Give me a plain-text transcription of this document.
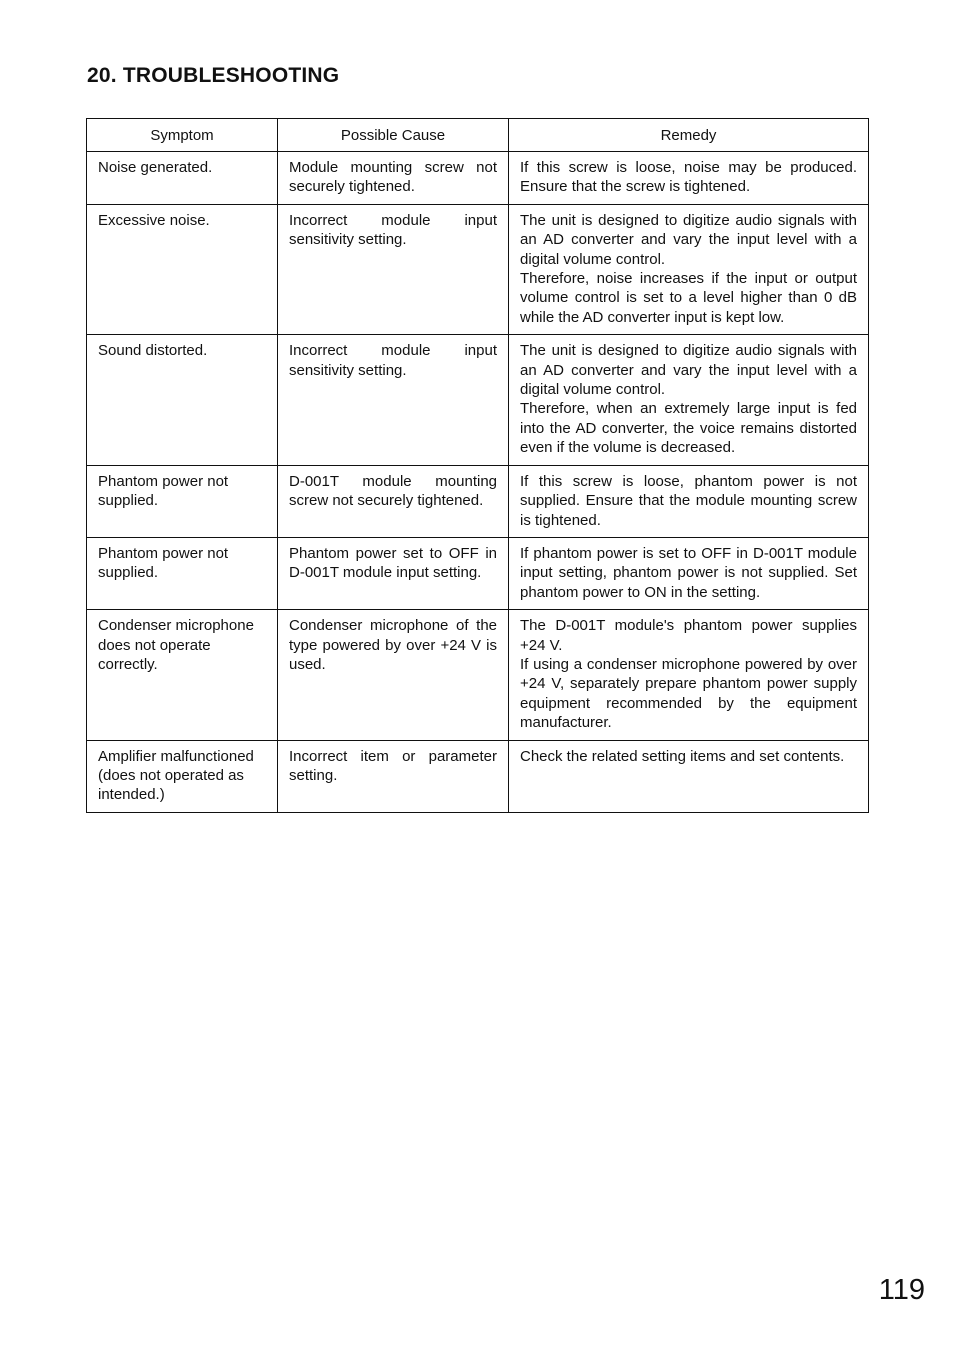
20. TROUBLESHOOTING
Symptom	Possible Cause	Remedy

Noise generated.	Module mounting screw not securely tightened.	If this screw is loose, noise may be produced. Ensure that the screw is tightened.

Excessive noise.	Incorrect module input sensitivity setting.	The unit is designed to digitize audio signals with an AD converter and vary the input level with a digital volume control.
Therefore, noise increases if the input or output volume control is set to a level higher than 0 dB while the AD converter input is kept low.

Sound distorted.	Incorrect module input sensitivity setting.	The unit is designed to digitize audio signals with an AD converter and vary the input level with a digital volume control.
Therefore, when an extremely large input is fed into the AD converter, the voice remains distorted even if the volume is decreased.

Phantom power not supplied.	D-001T module mounting screw not securely tightened.	If this screw is loose, phantom power is not supplied. Ensure that the module mounting screw is tightened.

Phantom power not supplied.	Phantom power set to OFF in D-001T module input setting.	If phantom power is set to OFF in D-001T module input setting, phantom power is not supplied. Set phantom power to ON in the setting.

Condenser microphone does not operate correctly.	Condenser microphone of the type powered by over +24 V is used.	The D-001T module's phantom power supplies +24 V.
If using a condenser microphone powered by over +24 V, separately prepare phantom power supply equipment recommended by the equipment manufacturer.

Amplifier malfunctioned (does not operated as intended.)	Incorrect item or parameter setting.	Check the related setting items and set contents.
119
